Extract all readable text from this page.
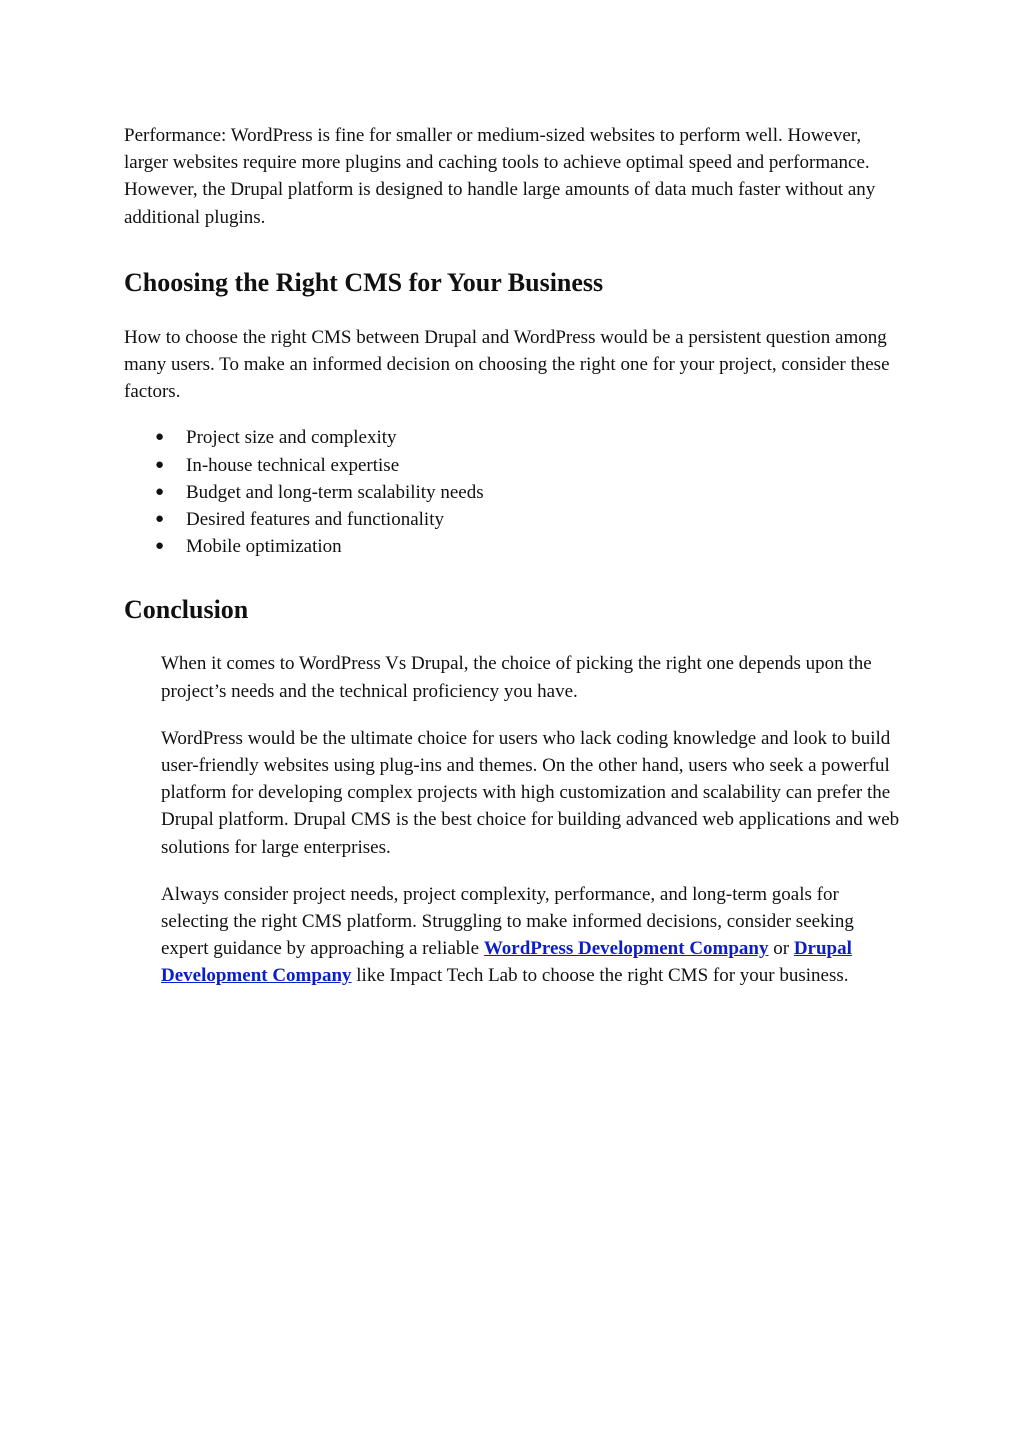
Performance: WordPress is fine for smaller or medium-sized websites to perform well. However, larger websites require more plugins and caching tools to achieve optimal speed and performance. However, the Drupal platform is designed to handle large amounts of data much faster without any additional plugins.

Choosing the Right CMS for Your Business

How to choose the right CMS between Drupal and WordPress would be a persistent question among many users. To make an informed decision on choosing the right one for your project, consider these factors.

● Project size and complexity
● In-house technical expertise
● Budget and long-term scalability needs
● Desired features and functionality
● Mobile optimization
Conclusion

When it comes to WordPress Vs Drupal, the choice of picking the right one depends upon the project’s needs and the technical proficiency you have.

WordPress would be the ultimate choice for users who lack coding knowledge and look to build user-friendly websites using plug-ins and themes. On the other hand, users who seek a powerful platform for developing complex projects with high customization and scalability can prefer the Drupal platform. Drupal CMS is the best choice for building advanced web applications and web solutions for large enterprises.

Always consider project needs, project complexity, performance, and long-term goals for selecting the right CMS platform. Struggling to make informed decisions, consider seeking expert guidance by approaching a reliable WordPress Development Company or Drupal Development Company like Impact Tech Lab to choose the right CMS for your business.
